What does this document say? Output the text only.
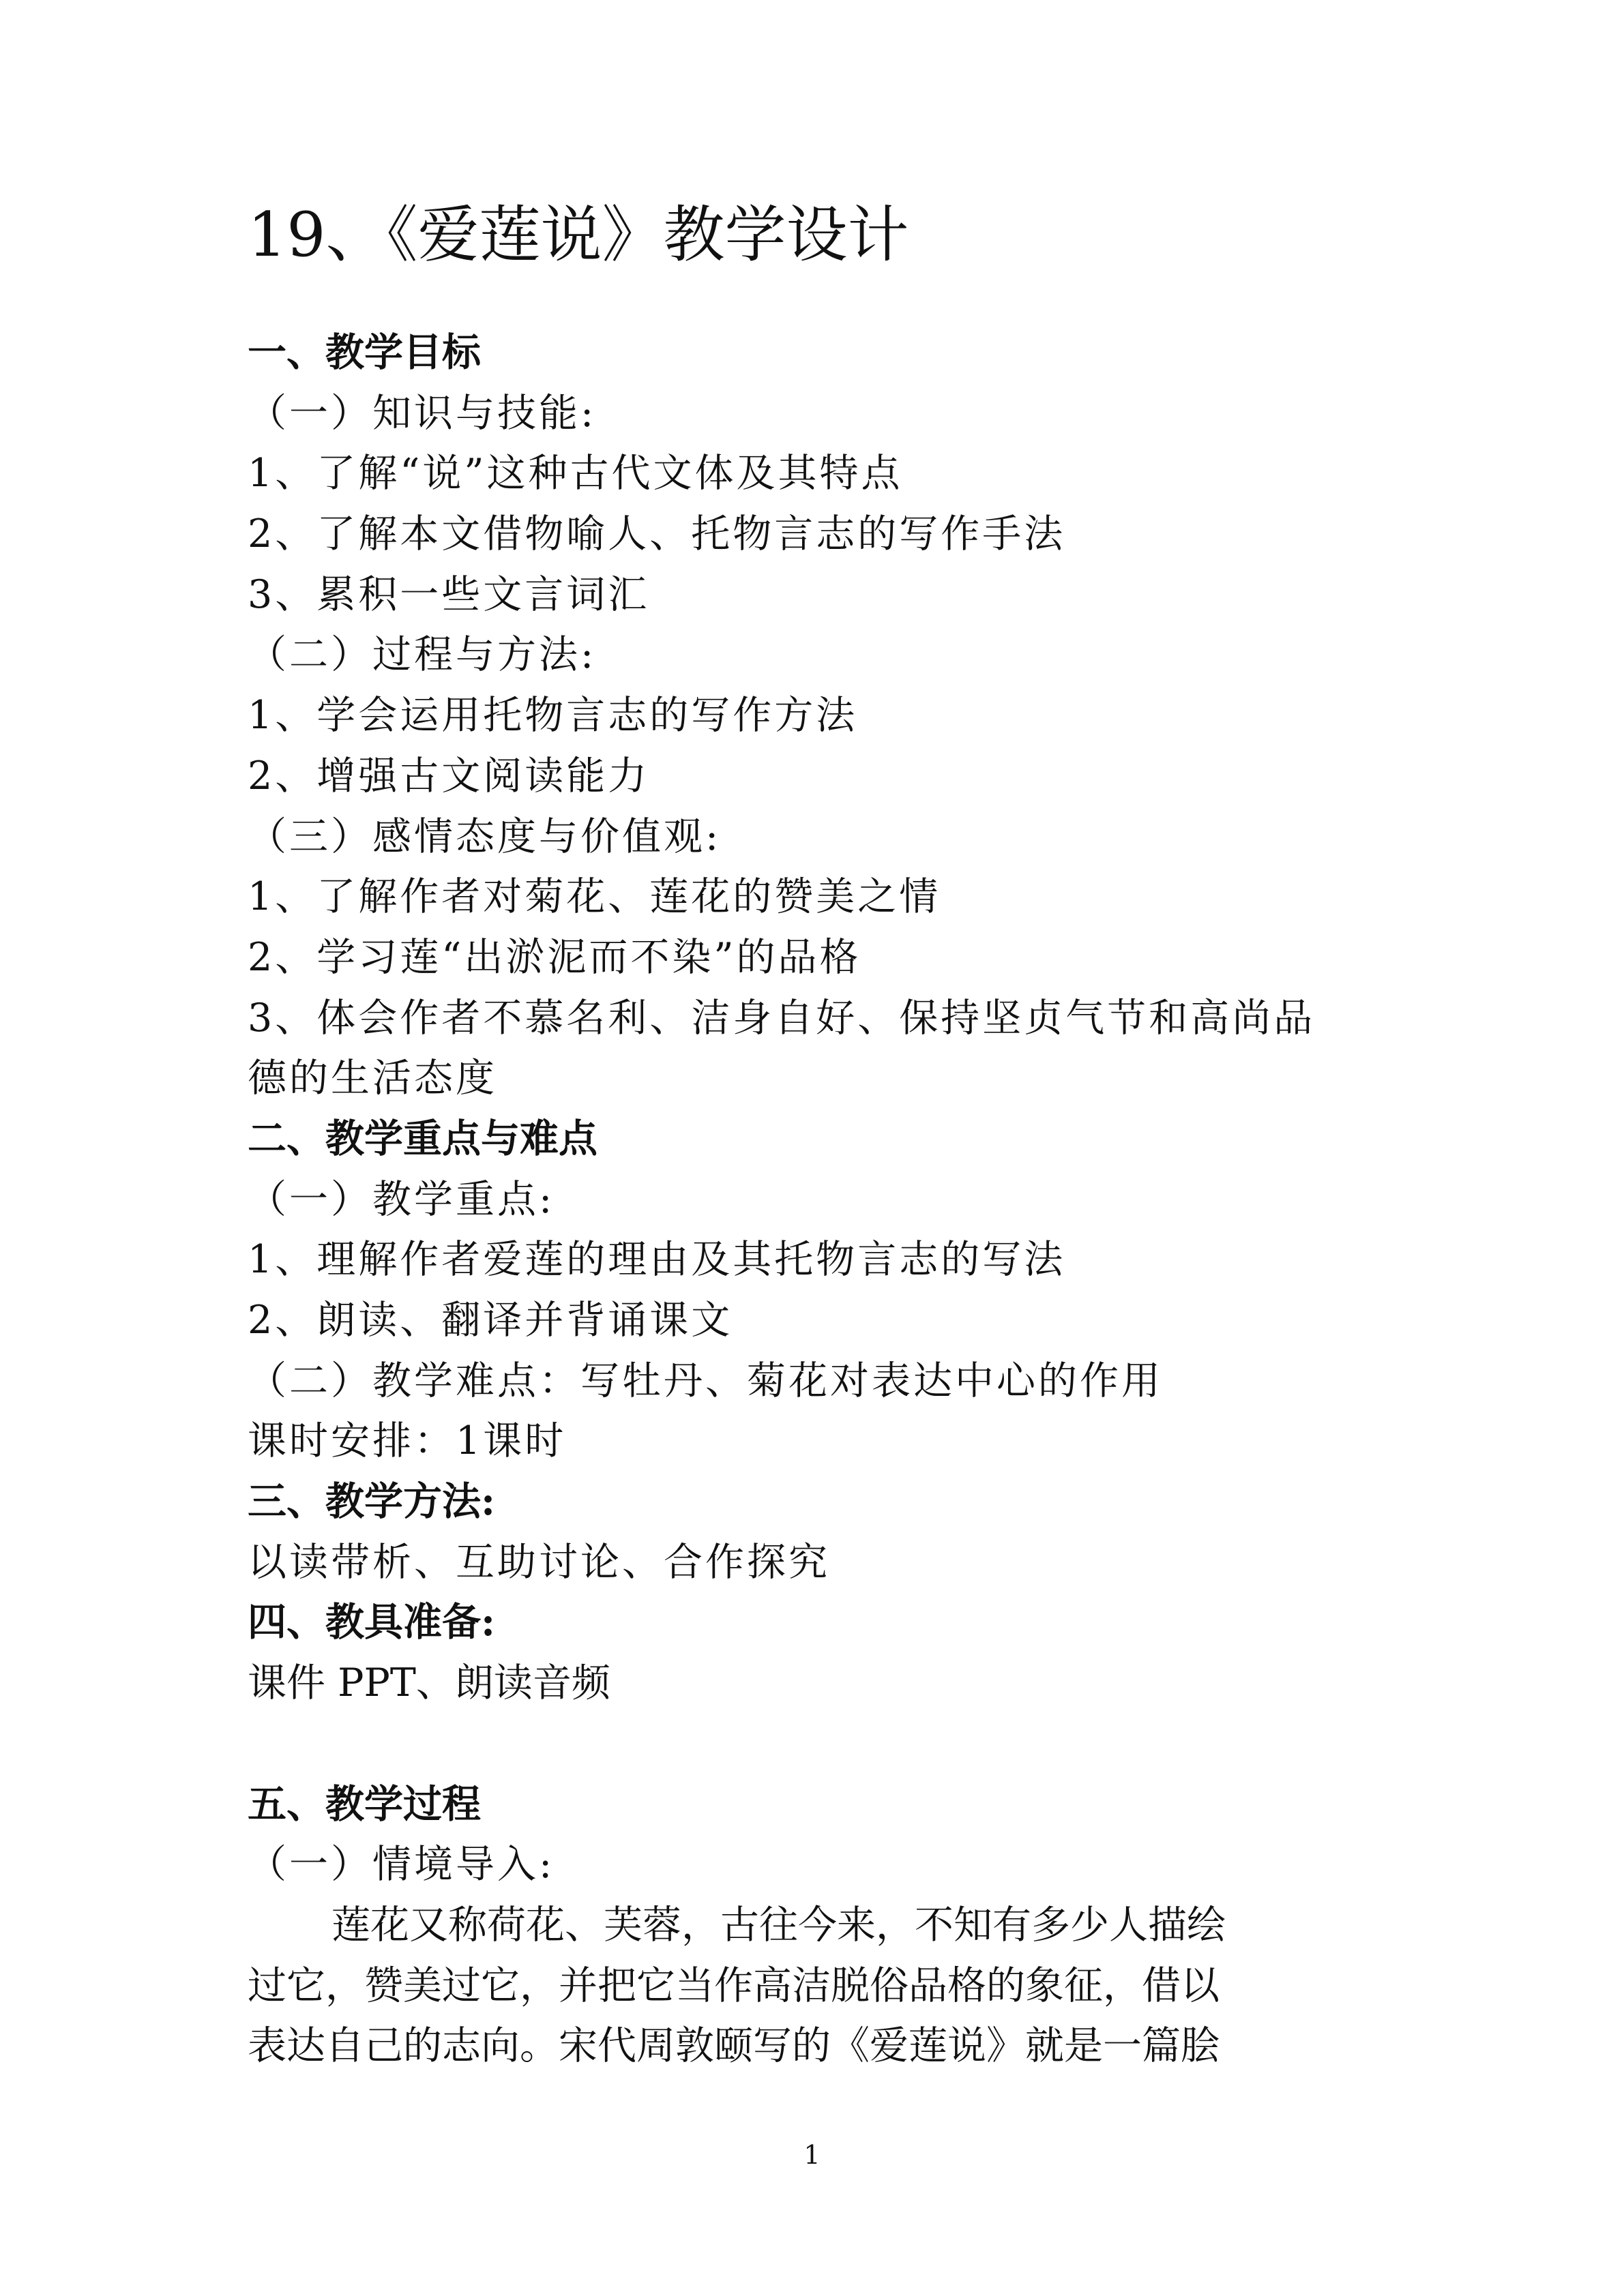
19、《爱莲说》教学设计
一、教学目标
（一）知识与技能:
1、了解“说”这种古代文体及其特点
2、了解本文借物喻人、托物言志的写作手法
3、累积一些文言词汇
（二）过程与方法:
1、学会运用托物言志的写作方法
2、增强古文阅读能力
（三）感情态度与价值观:
1、了解作者对菊花、莲花的赞美之情
2、学习莲“出淤泥而不染”的品格
3、体会作者不慕名利、洁身自好、保持坚贞气节和高尚品
德的生活态度
二、教学重点与难点
（一）教学重点:
1、理解作者爱莲的理由及其托物言志的写法
2、朗读、翻译并背诵课文
（二）教学难点：写牡丹、菊花对表达中心的作用
课时安排：1课时
三、教学方法:
以读带析、互助讨论、合作探究
四、教具准备:
课件 PPT、朗读音频
五、教学过程
（一）情境导入:
莲花又称荷花、芙蓉，古往今来，不知有多少人描绘
过它，赞美过它，并把它当作高洁脱俗品格的象征，借以
表达自己的志向。宋代周敦颐写的《爱莲说》就是一篇脍
1
